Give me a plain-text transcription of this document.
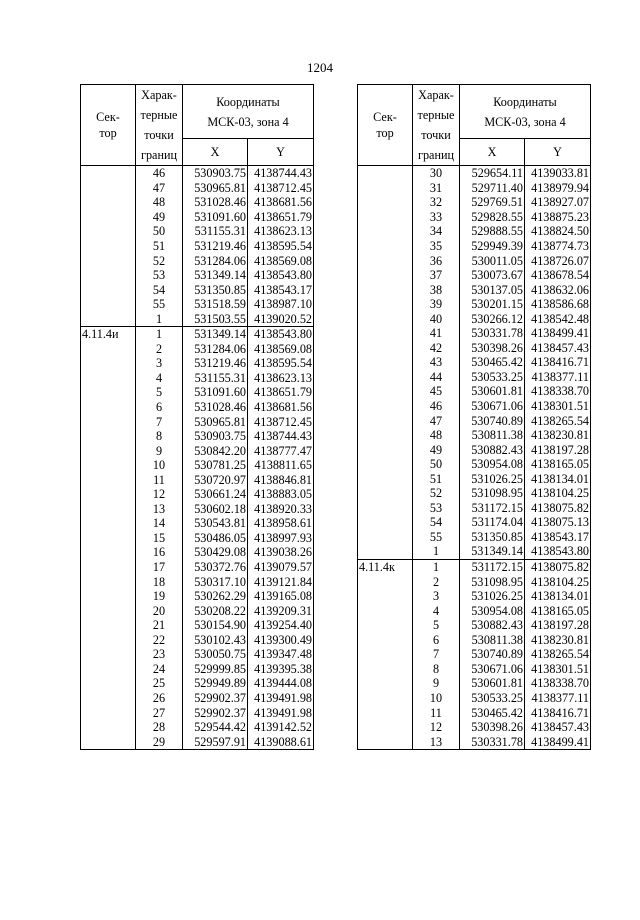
1204
Сек-
тор	Харак-
терные
точки
границ	Координаты
МСК-03, зона 4	
		X	Y
	46	530903.75	4138744.43
	47	530965.81	4138712.45
	48	531028.46	4138681.56
	49	531091.60	4138651.79
	50	531155.31	4138623.13
	51	531219.46	4138595.54
	52	531284.06	4138569.08
	53	531349.14	4138543.80
	54	531350.85	4138543.17
	55	531518.59	4138987.10
	1	531503.55	4139020.52
4.11.4и	1	531349.14	4138543.80
	2	531284.06	4138569.08
	3	531219.46	4138595.54
	4	531155.31	4138623.13
	5	531091.60	4138651.79
	6	531028.46	4138681.56
	7	530965.81	4138712.45
	8	530903.75	4138744.43
	9	530842.20	4138777.47
	10	530781.25	4138811.65
	11	530720.97	4138846.81
	12	530661.24	4138883.05
	13	530602.18	4138920.33
	14	530543.81	4138958.61
	15	530486.05	4138997.93
	16	530429.08	4139038.26
	17	530372.76	4139079.57
	18	530317.10	4139121.84
	19	530262.29	4139165.08
	20	530208.22	4139209.31
	21	530154.90	4139254.40
	22	530102.43	4139300.49
	23	530050.75	4139347.48
	24	529999.85	4139395.38
	25	529949.89	4139444.08
	26	529902.37	4139491.98
	27	529902.37	4139491.98
	28	529544.42	4139142.52
	29	529597.91	4139088.61
Сек-
тор	Харак-
терные
точки
границ	Координаты
МСК-03, зона 4	
		X	Y
	30	529654.11	4139033.81
	31	529711.40	4138979.94
	32	529769.51	4138927.07
	33	529828.55	4138875.23
	34	529888.55	4138824.50
	35	529949.39	4138774.73
	36	530011.05	4138726.07
	37	530073.67	4138678.54
	38	530137.05	4138632.06
	39	530201.15	4138586.68
	40	530266.12	4138542.48
	41	530331.78	4138499.41
	42	530398.26	4138457.43
	43	530465.42	4138416.71
	44	530533.25	4138377.11
	45	530601.81	4138338.70
	46	530671.06	4138301.51
	47	530740.89	4138265.54
	48	530811.38	4138230.81
	49	530882.43	4138197.28
	50	530954.08	4138165.05
	51	531026.25	4138134.01
	52	531098.95	4138104.25
	53	531172.15	4138075.82
	54	531174.04	4138075.13
	55	531350.85	4138543.17
	1	531349.14	4138543.80
4.11.4к	1	531172.15	4138075.82
	2	531098.95	4138104.25
	3	531026.25	4138134.01
	4	530954.08	4138165.05
	5	530882.43	4138197.28
	6	530811.38	4138230.81
	7	530740.89	4138265.54
	8	530671.06	4138301.51
	9	530601.81	4138338.70
	10	530533.25	4138377.11
	11	530465.42	4138416.71
	12	530398.26	4138457.43
	13	530331.78	4138499.41
